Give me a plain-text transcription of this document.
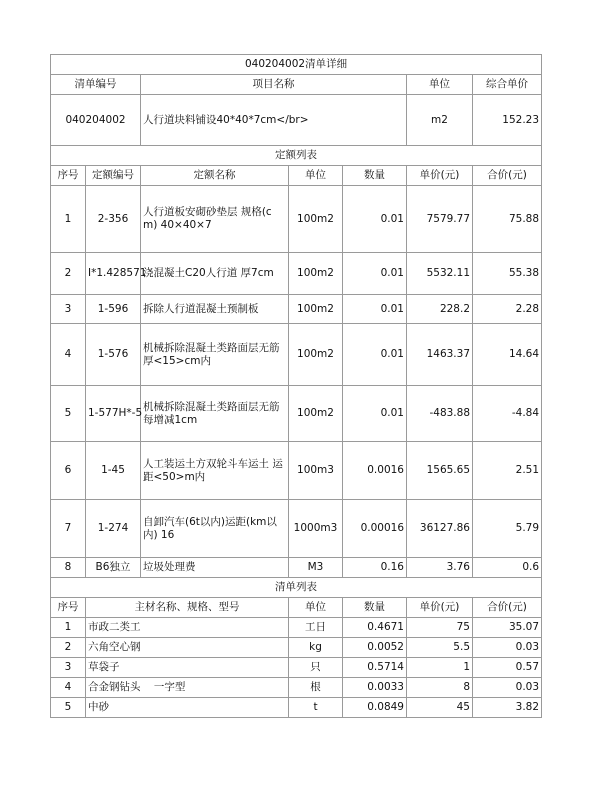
040204002清单详细						
清单编号		项目名称			单位	综合单价
040204002		人行道块料铺设40*40*7cm</br>			m2	152.23
定额列表						
序号	定额编号	定额名称	单位	数量	单价(元)	合价(元)
1	2-356	人行道板安砌砂垫层 规格(cm) 40×40×7	100m2	0.01	7579.77	75.88
2	I*1.428571	浇混凝土C20人行道 厚7cm	100m2	0.01	5532.11	55.38
3	1-596	拆除人行道混凝土预制板	100m2	0.01	228.2	2.28
4	1-576	机械拆除混凝土类路面层无筋 厚<15>cm内	100m2	0.01	1463.37	14.64
5	1-577H*-5	机械拆除混凝土类路面层无筋 每增减1cm	100m2	0.01	-483.88	-4.84
6	1-45	人工装运土方双轮斗车运土 运距<50>m内	100m3	0.0016	1565.65	2.51
7	1-274	自卸汽车(6t以内)运距(km以内) 16	1000m3	0.00016	36127.86	5.79
8	B6独立	垃圾处理费	M3	0.16	3.76	0.6
清单列表						
序号	主材名称、规格、型号		单位	数量	单价(元)	合价(元)
1	市政二类工		工日	0.4671	75	35.07
2	六角空心钢		kg	0.0052	5.5	0.03
3	草袋子		只	0.5714	1	0.57
4	合金钢钻头    一字型		根	0.0033	8	0.03
5	中砂		t	0.0849	45	3.82
